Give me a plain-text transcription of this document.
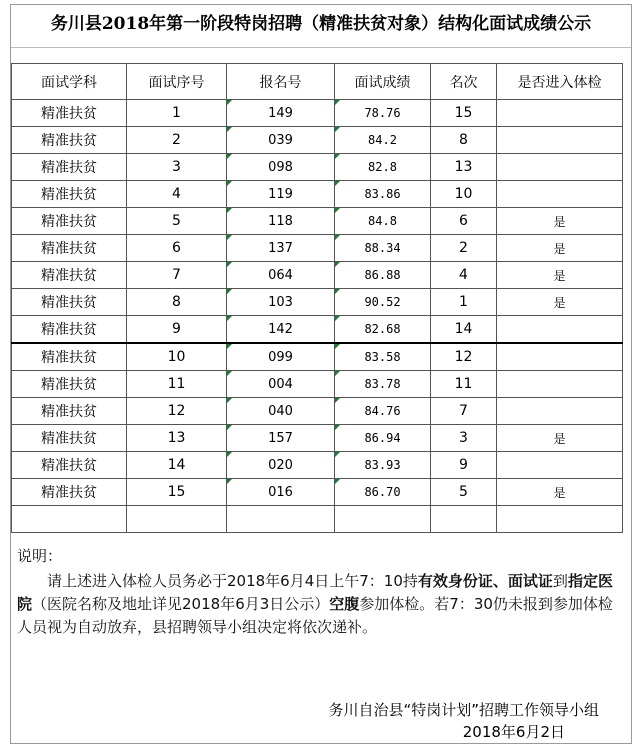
务川县2018年第一阶段特岗招聘（精准扶贫对象）结构化面试成绩公示
面试学科	面试序号	报名号	面试成绩	名次	是否进入体检
精准扶贫	1	149	78.76	15	
精准扶贫	2	039	84.2	8	
精准扶贫	3	098	82.8	13	
精准扶贫	4	119	83.86	10	
精准扶贫	5	118	84.8	6	是
精准扶贫	6	137	88.34	2	是
精准扶贫	7	064	86.88	4	是
精准扶贫	8	103	90.52	1	是
精准扶贫	9	142	82.68	14	
精准扶贫	10	099	83.58	12	
精准扶贫	11	004	83.78	11	
精准扶贫	12	040	84.76	7	
精准扶贫	13	157	86.94	3	是
精准扶贫	14	020	83.93	9	
精准扶贫	15	016	86.70	5	是

说明：

请上述进入体检人员务必于2018年6月4日上午7：10持有效身份证、面试证到指定医院（医院名称及地址详见2018年6月3日公示）空腹参加体检。若7：30仍未报到参加体检人员视为自动放弃，县招聘领导小组决定将依次递补。

务川自治县“特岗计划”招聘工作领导小组
2018年6月2日
